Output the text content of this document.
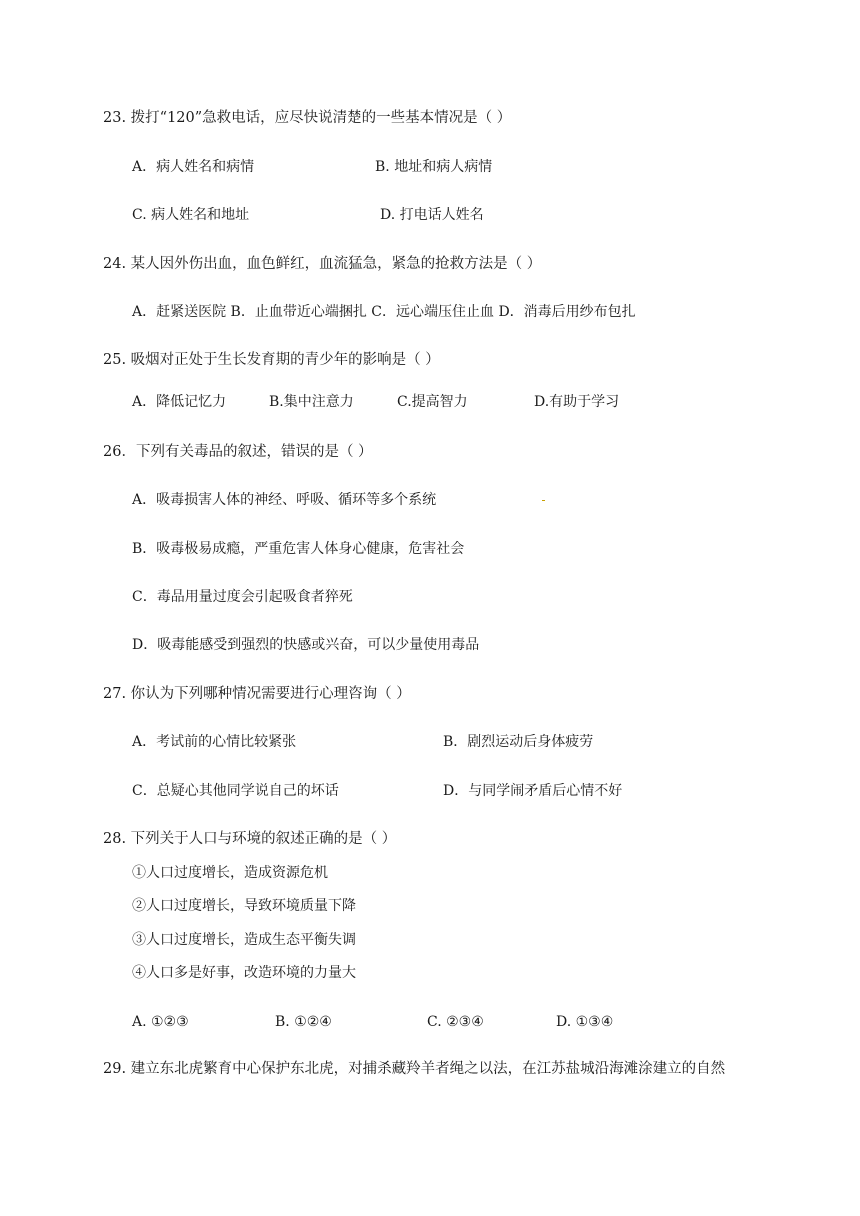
23. 拨打“120”急救电话，应尽快说清楚的一些基本情况是（ ）
A．病人姓名和病情	B. 地址和病人病情
C. 病人姓名和地址	D. 打电话人姓名
24. 某人因外伤出血，血色鲜红，血流猛急，紧急的抢救方法是（ ）
A．赶紧送医院 B．止血带近心端捆扎 C．远心端压住止血 D．消毒后用纱布包扎
25. 吸烟对正处于生长发育期的青少年的影响是（ ）
A．降低记忆力	B.集中注意力	C.提高智力	D.有助于学习
26．下列有关毒品的叙述，错误的是（ ）
A．吸毒损害人体的神经、呼吸、循环等多个系统
B．吸毒极易成瘾，严重危害人体身心健康，危害社会
C．毒品用量过度会引起吸食者猝死
D．吸毒能感受到强烈的快感或兴奋，可以少量使用毒品
27. 你认为下列哪种情况需要进行心理咨询（ ）
A．考试前的心情比较紧张	B．剧烈运动后身体疲劳
C．总疑心其他同学说自己的坏话	D．与同学闹矛盾后心情不好
28. 下列关于人口与环境的叙述正确的是（ ）
①人口过度增长，造成资源危机
②人口过度增长，导致环境质量下降
③人口过度增长，造成生态平衡失调
④人口多是好事，改造环境的力量大
A. ①②③	B. ①②④	C. ②③④	D. ①③④
29. 建立东北虎繁育中心保护东北虎，对捕杀藏羚羊者绳之以法，在江苏盐城沿海滩涂建立的自然
